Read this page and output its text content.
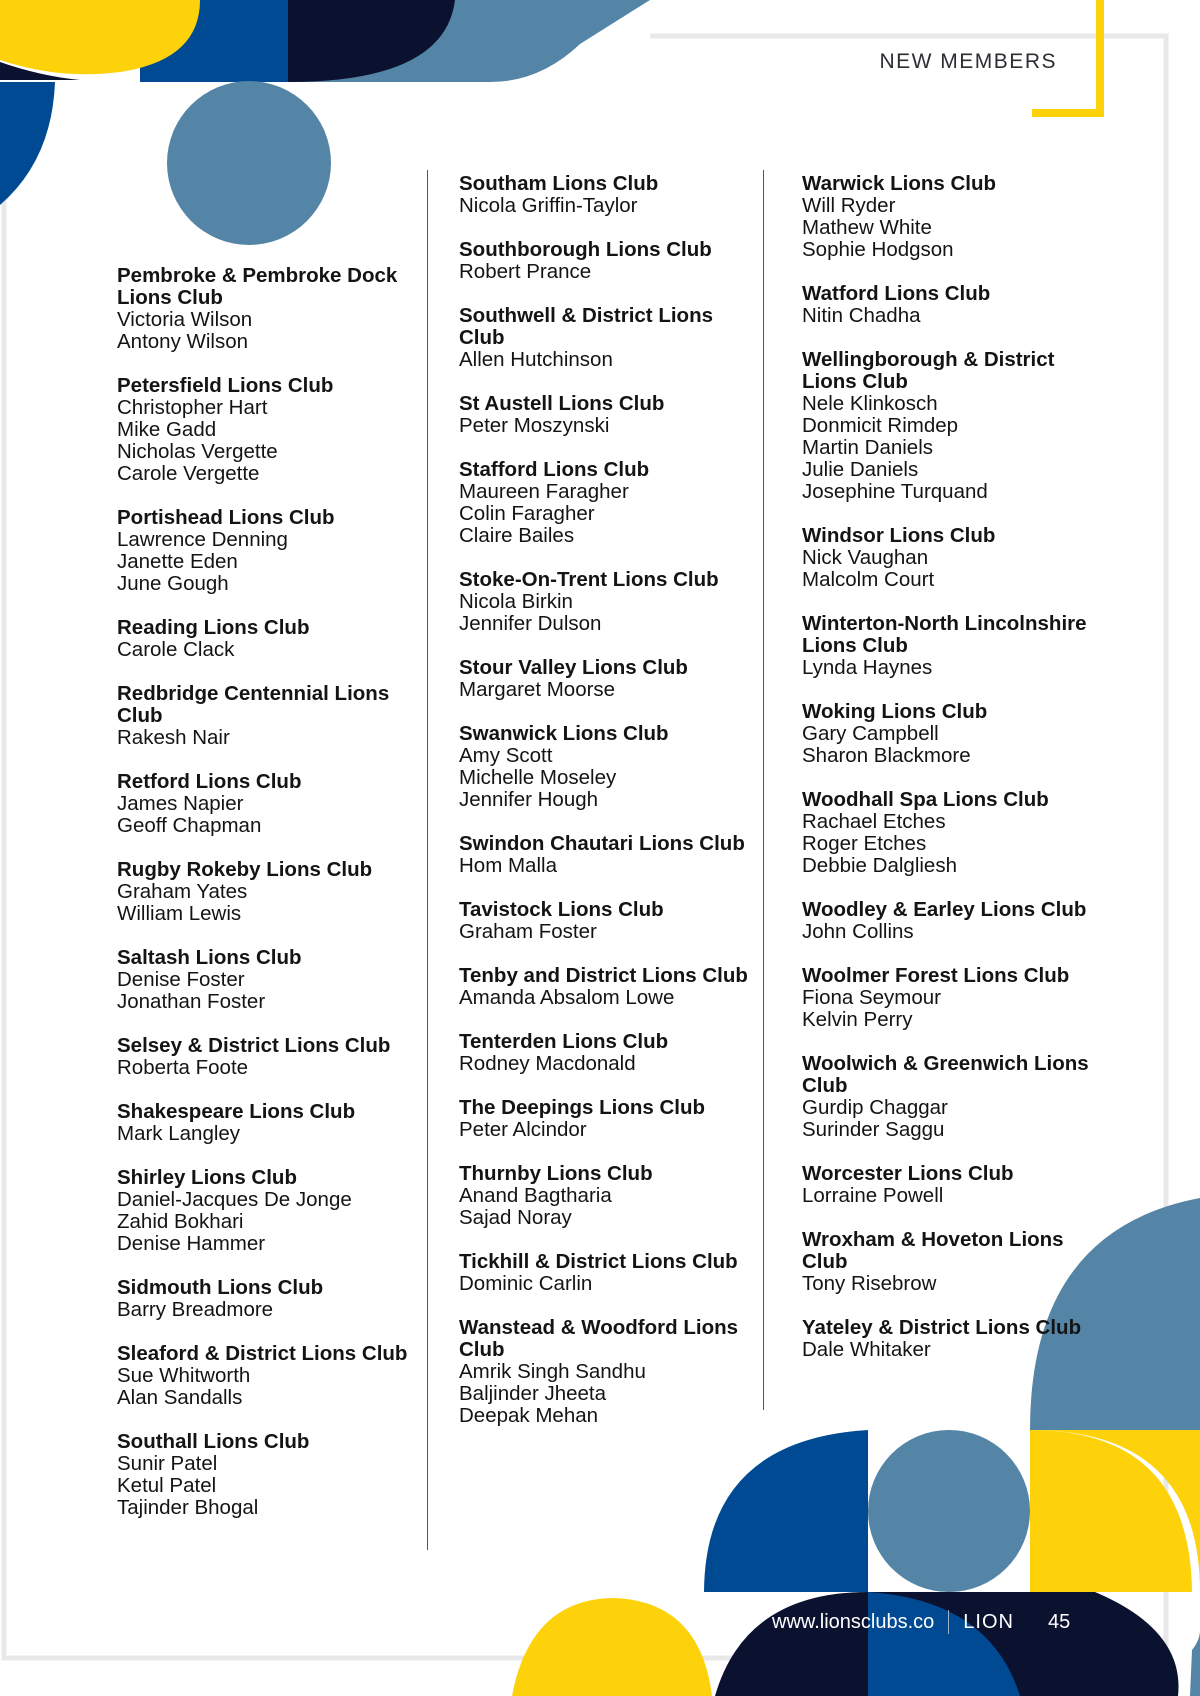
NEW MEMBERS
Pembroke & Pembroke Dock Lions Club
Victoria Wilson
Antony Wilson
Petersfield Lions Club
Christopher Hart
Mike Gadd
Nicholas Vergette
Carole Vergette
Portishead Lions Club
Lawrence Denning
Janette Eden
June Gough
Reading Lions Club
Carole Clack
Redbridge Centennial Lions Club
Rakesh Nair
Retford Lions Club
James Napier
Geoff Chapman
Rugby Rokeby Lions Club
Graham Yates
William Lewis
Saltash Lions Club
Denise Foster
Jonathan Foster
Selsey & District Lions Club
Roberta Foote
Shakespeare Lions Club
Mark Langley
Shirley Lions Club
Daniel-Jacques De Jonge
Zahid Bokhari
Denise Hammer
Sidmouth Lions Club
Barry Breadmore
Sleaford & District Lions Club
Sue Whitworth
Alan Sandalls
Southall Lions Club
Sunir Patel
Ketul Patel
Tajinder Bhogal
Southam Lions Club
Nicola Griffin-Taylor
Southborough Lions Club
Robert Prance
Southwell & District Lions Club
Allen Hutchinson
St Austell Lions Club
Peter Moszynski
Stafford Lions Club
Maureen Faragher
Colin Faragher
Claire Bailes
Stoke-On-Trent Lions Club
Nicola Birkin
Jennifer Dulson
Stour Valley Lions Club
Margaret Moorse
Swanwick Lions Club
Amy Scott
Michelle Moseley
Jennifer Hough
Swindon Chautari Lions Club
Hom Malla
Tavistock Lions Club
Graham Foster
Tenby and District Lions Club
Amanda Absalom Lowe
Tenterden Lions Club
Rodney Macdonald
The Deepings Lions Club
Peter Alcindor
Thurnby Lions Club
Anand Bagtharia
Sajad Noray
Tickhill & District Lions Club
Dominic Carlin
Wanstead & Woodford Lions Club
Amrik Singh Sandhu
Baljinder Jheeta
Deepak Mehan
Warwick Lions Club
Will Ryder
Mathew White
Sophie Hodgson
Watford Lions Club
Nitin Chadha
Wellingborough & District Lions Club
Nele Klinkosch
Donmicit Rimdep
Martin Daniels
Julie Daniels
Josephine Turquand
Windsor Lions Club
Nick Vaughan
Malcolm Court
Winterton-North Lincolnshire Lions Club
Lynda Haynes
Woking Lions Club
Gary Campbell
Sharon Blackmore
Woodhall Spa Lions Club
Rachael Etches
Roger Etches
Debbie Dalgliesh
Woodley & Earley Lions Club
John Collins
Woolmer Forest Lions Club
Fiona Seymour
Kelvin Perry
Woolwich & Greenwich Lions Club
Gurdip Chaggar
Surinder Saggu
Worcester Lions Club
Lorraine Powell
Wroxham & Hoveton Lions Club
Tony Risebrow
Yateley & District Lions Club
Dale Whitaker
www.lionsclubs.co LION 45
